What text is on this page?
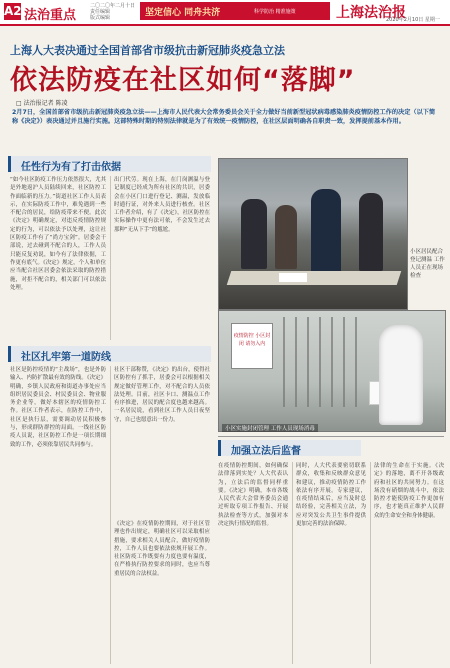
A2 法治重点
二〇二〇年二月十日
责任编辑
版式编辑	坚定信心 同舟共济	科学防治 精准施策	上海法治报
2020年2月10日 星期一
上海人大表决通过全国首部省市级抗击新冠肺炎疫急立法
依法防疫在社区如何“落脚”
□ 法治报记者 陈凌
2月7日，全国首部省市级抗击新冠肺炎疫急立法——上海市人民代表大会常务委员会关于全力做好当前新型冠状病毒感染肺炎疫情防控工作的决定（以下简称《决定》）表决通过并且施行实施。这部特殊时期的特别法律就是为了有效统一疫情防控，在社区层面明确各自职责一致，发挥提前基本作用。
任性行为有了打击依据
“如今社区防疫工作压力依然很大，尤其是外地返沪人员陆续回来，社区防控工作面临新的压力。”街道社区工作人员表示，在实际防疫工作中，难免遇到一些不配合的居民，给防疫带来不便。此次《决定》明确规定，对违反疫情防控规定的行为，可以依法予以处理，这让社区防疫工作有了“尚方宝剑”。居委会干部说，过去碰到不配合的人，工作人员只能反复劝说，如今有了法律依据，工作更有底气。《决定》规定，个人和单位应当配合社区居委会依法采取的防控措施，对拒不配合的，相关部门可以依法处理。
出门代劳。现在上海，在门岗测温与登记制度已经成为所有社区的共识，居委会在小区门口进行登记、测温，发放临时通行证，对外来人员进行核查。社区工作者介绍，有了《决定》，社区防控在实际操作中更有法可依，不会发生过去那种“无从下手”的尴尬。
小区居民配合登记测温 工作人员正在现场检查
社区扎牢第一道防线
社区是防控疫情的“主战场”，也是外防输入、内防扩散最有效的防线。《决定》明确，乡镇人民政府和街道办事处应当组织居民委员会、村民委员会、物业服务企业等，做好本辖区的疫情防控工作。社区工作者表示，在防控工作中，社区是执行层，需要调动居民积极参与，形成群防群控的局面。一线社区防疫人员说，社区防控工作是一项长期细致的工作，必须依靠居民共同参与。
社区干部称赞，《决定》的出台，使得社区防控有了抓手，居委会可以根据相关规定做好管理工作，对不配合的人员依法处理。目前，社区卡口、测温点工作有序推进，居民的配合度也越来越高。一名居民说，看到社区工作人员日夜坚守，自己也愿意出一份力。
《决定》在疫情防控期间，对于社区管理也作出规定，明确社区可以采取相应措施，要求相关人员配合，做好疫情防控，工作人员也要依法依规开展工作。社区防疫工作既要有力度也要有温度，在严格执行防控要求的同时，也应当尊重居民的合法权益。
疫情防控 小区封闭 请勿入内
小区实施封闭管理 工作人员现场消毒
加强立法后监督
在疫情防控期间，如何确保法律落到实处？人大代表认为，立法后的监督同样重要。《决定》明确，本市各级人民代表大会常务委员会通过听取专项工作报告、开展执法检查等方式，加强对本决定执行情况的监督。
同时，人大代表要密切联系群众，收集和反映群众意见和建议，推动疫情防控工作依法有序开展。专家建议，在疫情结束后，应当及时总结经验，完善相关立法，为应对突发公共卫生事件提供更加完善的法治保障。
法律的生命在于实施。《决定》的落地，离不开各级政府和社区的共同努力。在这场没有硝烟的战斗中，依法防控才能使防疫工作更加有序，也才能真正维护人民群众的生命安全和身体健康。
